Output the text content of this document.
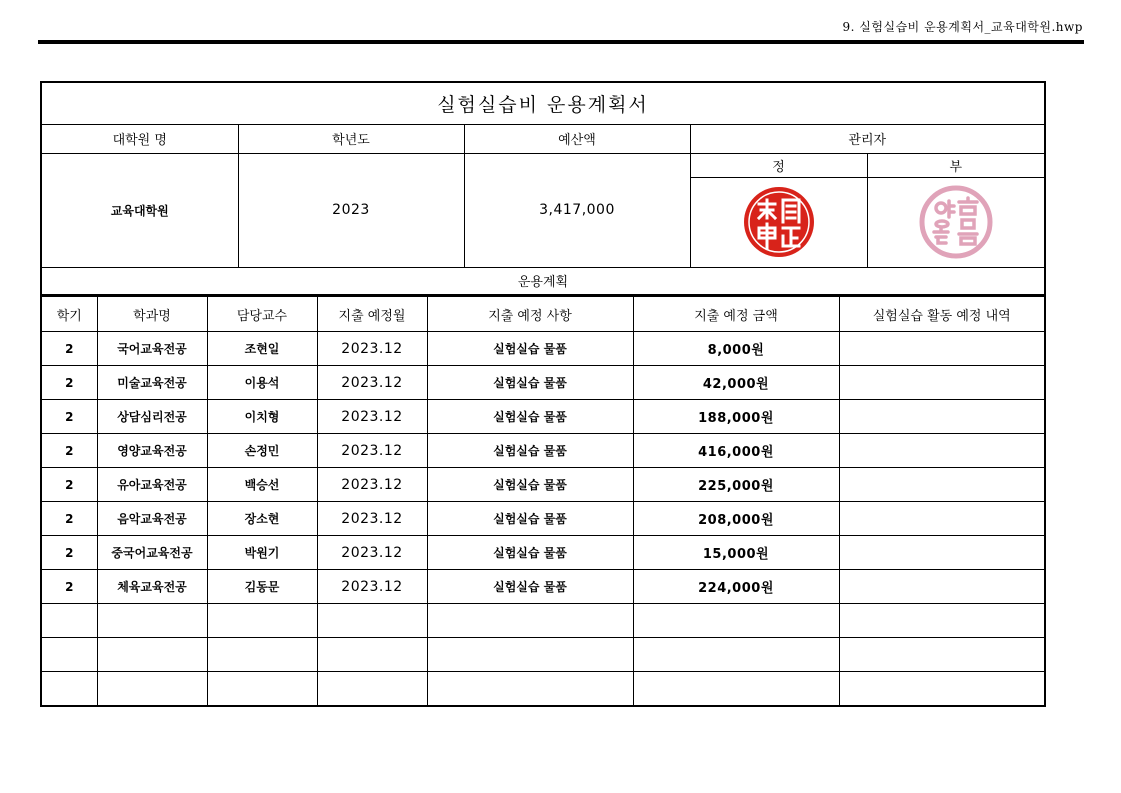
9. 실험실습비 운용계획서_교육대학원.hwp
실험실습비 운용계획서				
대학원 명	학년도	예산액	관리자	
교육대학원	2023	3,417,000	정	부

운용계획				
학기	학과명	담당교수	지출 예정월	지출 예정 사항	지출 예정 금액	실험실습 활동 예정 내역
2	국어교육전공	조현일	2023.12	실험실습 물품	8,000원	
2	미술교육전공	이용석	2023.12	실험실습 물품	42,000원	
2	상담심리전공	이치형	2023.12	실험실습 물품	188,000원	
2	영양교육전공	손정민	2023.12	실험실습 물품	416,000원	
2	유아교육전공	백승선	2023.12	실험실습 물품	225,000원	
2	음악교육전공	장소현	2023.12	실험실습 물품	208,000원	
2	중국어교육전공	박원기	2023.12	실험실습 물품	15,000원	
2	체육교육전공	김동문	2023.12	실험실습 물품	224,000원	
